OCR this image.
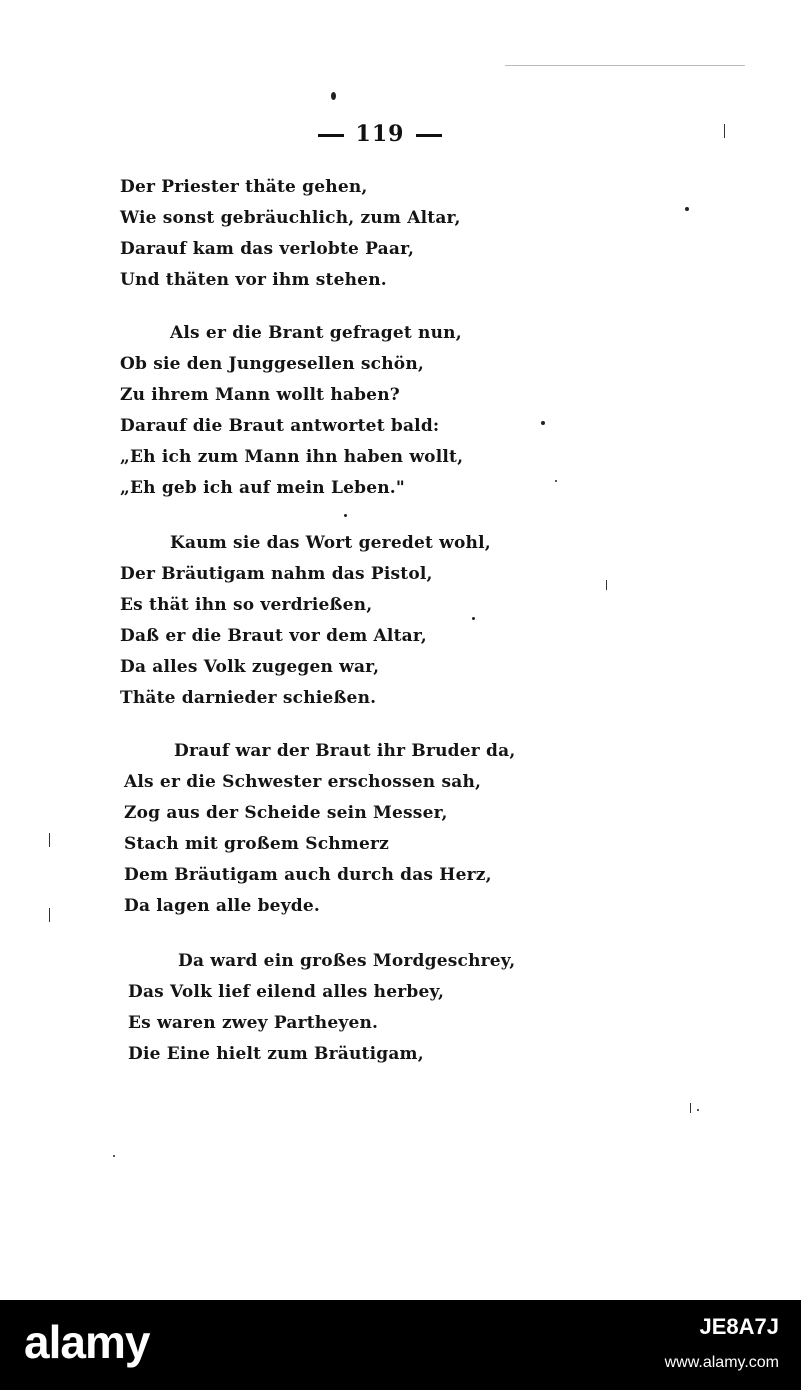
119
Der Priester thäte gehen,
Wie sonst gebräuchlich, zum Altar,
Darauf kam das verlobte Paar,
Und thäten vor ihm stehen.
Als er die Brant gefraget nun,
Ob sie den Junggesellen schön,
Zu ihrem Mann wollt haben?
Darauf die Braut antwortet bald:
„Eh ich zum Mann ihn haben wollt,
„Eh geb ich auf mein Leben."
Kaum sie das Wort geredet wohl,
Der Bräutigam nahm das Pistol,
Es thät ihn so verdrießen,
Daß er die Braut vor dem Altar,
Da alles Volk zugegen war,
Thäte darnieder schießen.
Drauf war der Braut ihr Bruder da,
Als er die Schwester erschossen sah,
Zog aus der Scheide sein Messer,
Stach mit großem Schmerz
Dem Bräutigam auch durch das Herz,
Da lagen alle beyde.
Da ward ein großes Mordgeschrey,
Das Volk lief eilend alles herbey,
Es waren zwey Partheyen.
Die Eine hielt zum Bräutigam,
alamy	JE8A7J
www.alamy.com
